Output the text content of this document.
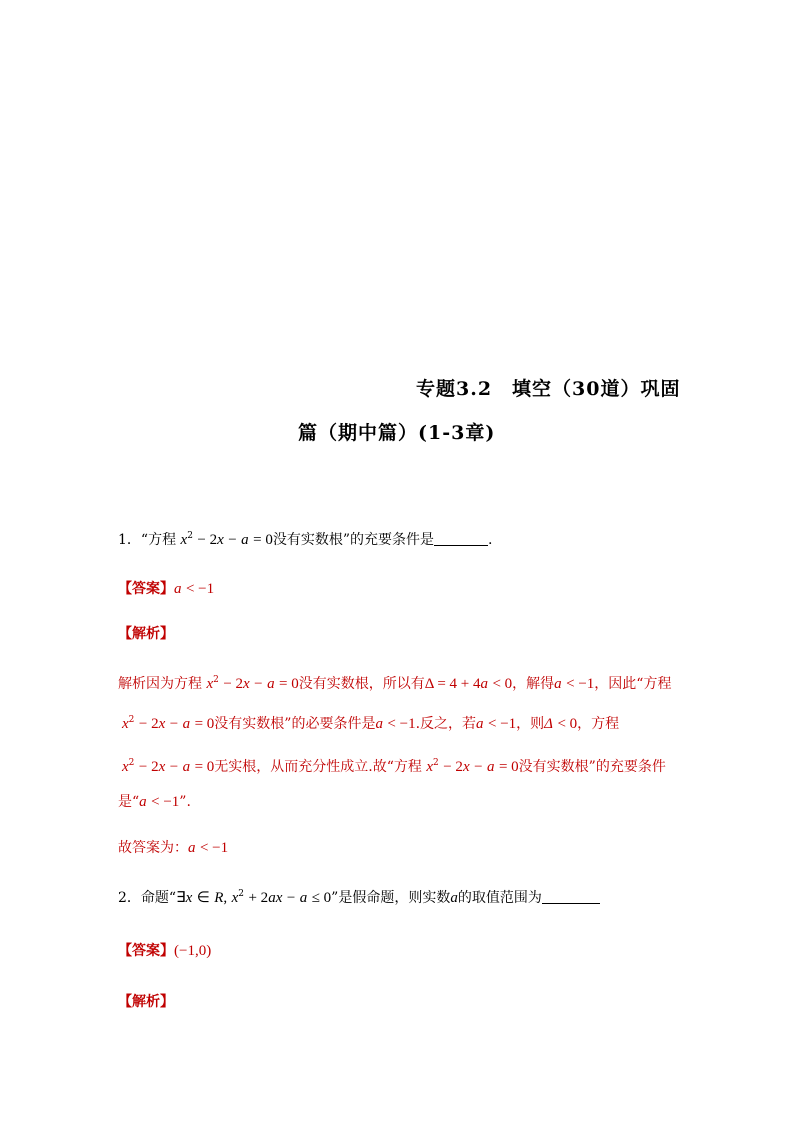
专题3.2　填空（30道）巩固
篇（期中篇）(1-3章)
1．“方程 $x^2 - 2x - a = 0$没有实数根”的充要条件是	.
【答案】a < −1
【解析】
解析因为方程 $x^2 - 2x - a = 0$没有实数根，所以有Δ = 4 + 4a < 0，解得a < −1，因此“方程
$x^2 - 2x - a = 0$没有实数根”的必要条件是a < −1.反之，若a < −1，则Δ < 0，方程
$x^2 - 2x - a = 0$无实根，从而充分性成立.故“方程 $x^2 - 2x - a = 0$没有实数根”的充要条件
是“a < −1”.
故答案为：a < −1
2．命题“∃x ∈ R, $x^2 + 2ax - a \le 0$”是假命题，则实数a的取值范围为
【答案】(−1,0)
【解析】
